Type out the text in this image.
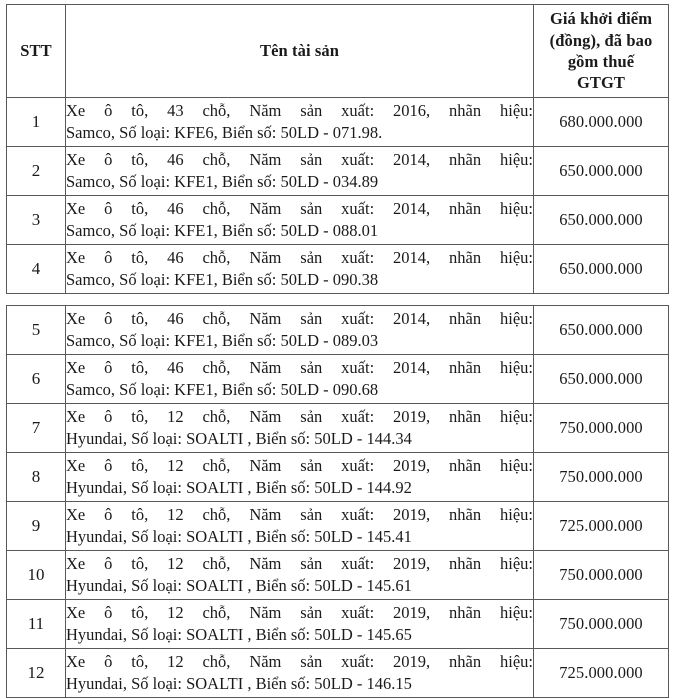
STT	Tên tài sản	Giá khởi điểm
(đồng), đã bao
gồm thuế
GTGT
1	Xe ô tô, 43 chỗ, Năm sản xuất: 2016, nhãn hiệu:
Samco, Số loại: KFE6, Biển số: 50LD - 071.98.	680.000.000
2	Xe ô tô, 46 chỗ, Năm sản xuất: 2014, nhãn hiệu:
Samco, Số loại: KFE1, Biển số: 50LD - 034.89	650.000.000
3	Xe ô tô, 46 chỗ, Năm sản xuất: 2014, nhãn hiệu:
Samco, Số loại: KFE1, Biển số: 50LD - 088.01	650.000.000
4	Xe ô tô, 46 chỗ, Năm sản xuất: 2014, nhãn hiệu:
Samco, Số loại: KFE1, Biển số: 50LD - 090.38	650.000.000
5	Xe ô tô, 46 chỗ, Năm sản xuất: 2014, nhãn hiệu:
Samco, Số loại: KFE1, Biển số: 50LD - 089.03	650.000.000
6	Xe ô tô, 46 chỗ, Năm sản xuất: 2014, nhãn hiệu:
Samco, Số loại: KFE1, Biển số: 50LD - 090.68	650.000.000
7	Xe ô tô, 12 chỗ, Năm sản xuất: 2019, nhãn hiệu:
Hyundai, Số loại: SOALTI , Biển số: 50LD - 144.34	750.000.000
8	Xe ô tô, 12 chỗ, Năm sản xuất: 2019, nhãn hiệu:
Hyundai, Số loại: SOALTI , Biển số: 50LD - 144.92	750.000.000
9	Xe ô tô, 12 chỗ, Năm sản xuất: 2019, nhãn hiệu:
Hyundai, Số loại: SOALTI , Biển số: 50LD - 145.41	725.000.000
10	Xe ô tô, 12 chỗ, Năm sản xuất: 2019, nhãn hiệu:
Hyundai, Số loại: SOALTI , Biển số: 50LD - 145.61	750.000.000
11	Xe ô tô, 12 chỗ, Năm sản xuất: 2019, nhãn hiệu:
Hyundai, Số loại: SOALTI , Biển số: 50LD - 145.65	750.000.000
12	Xe ô tô, 12 chỗ, Năm sản xuất: 2019, nhãn hiệu:
Hyundai, Số loại: SOALTI , Biển số: 50LD - 146.15	725.000.000
